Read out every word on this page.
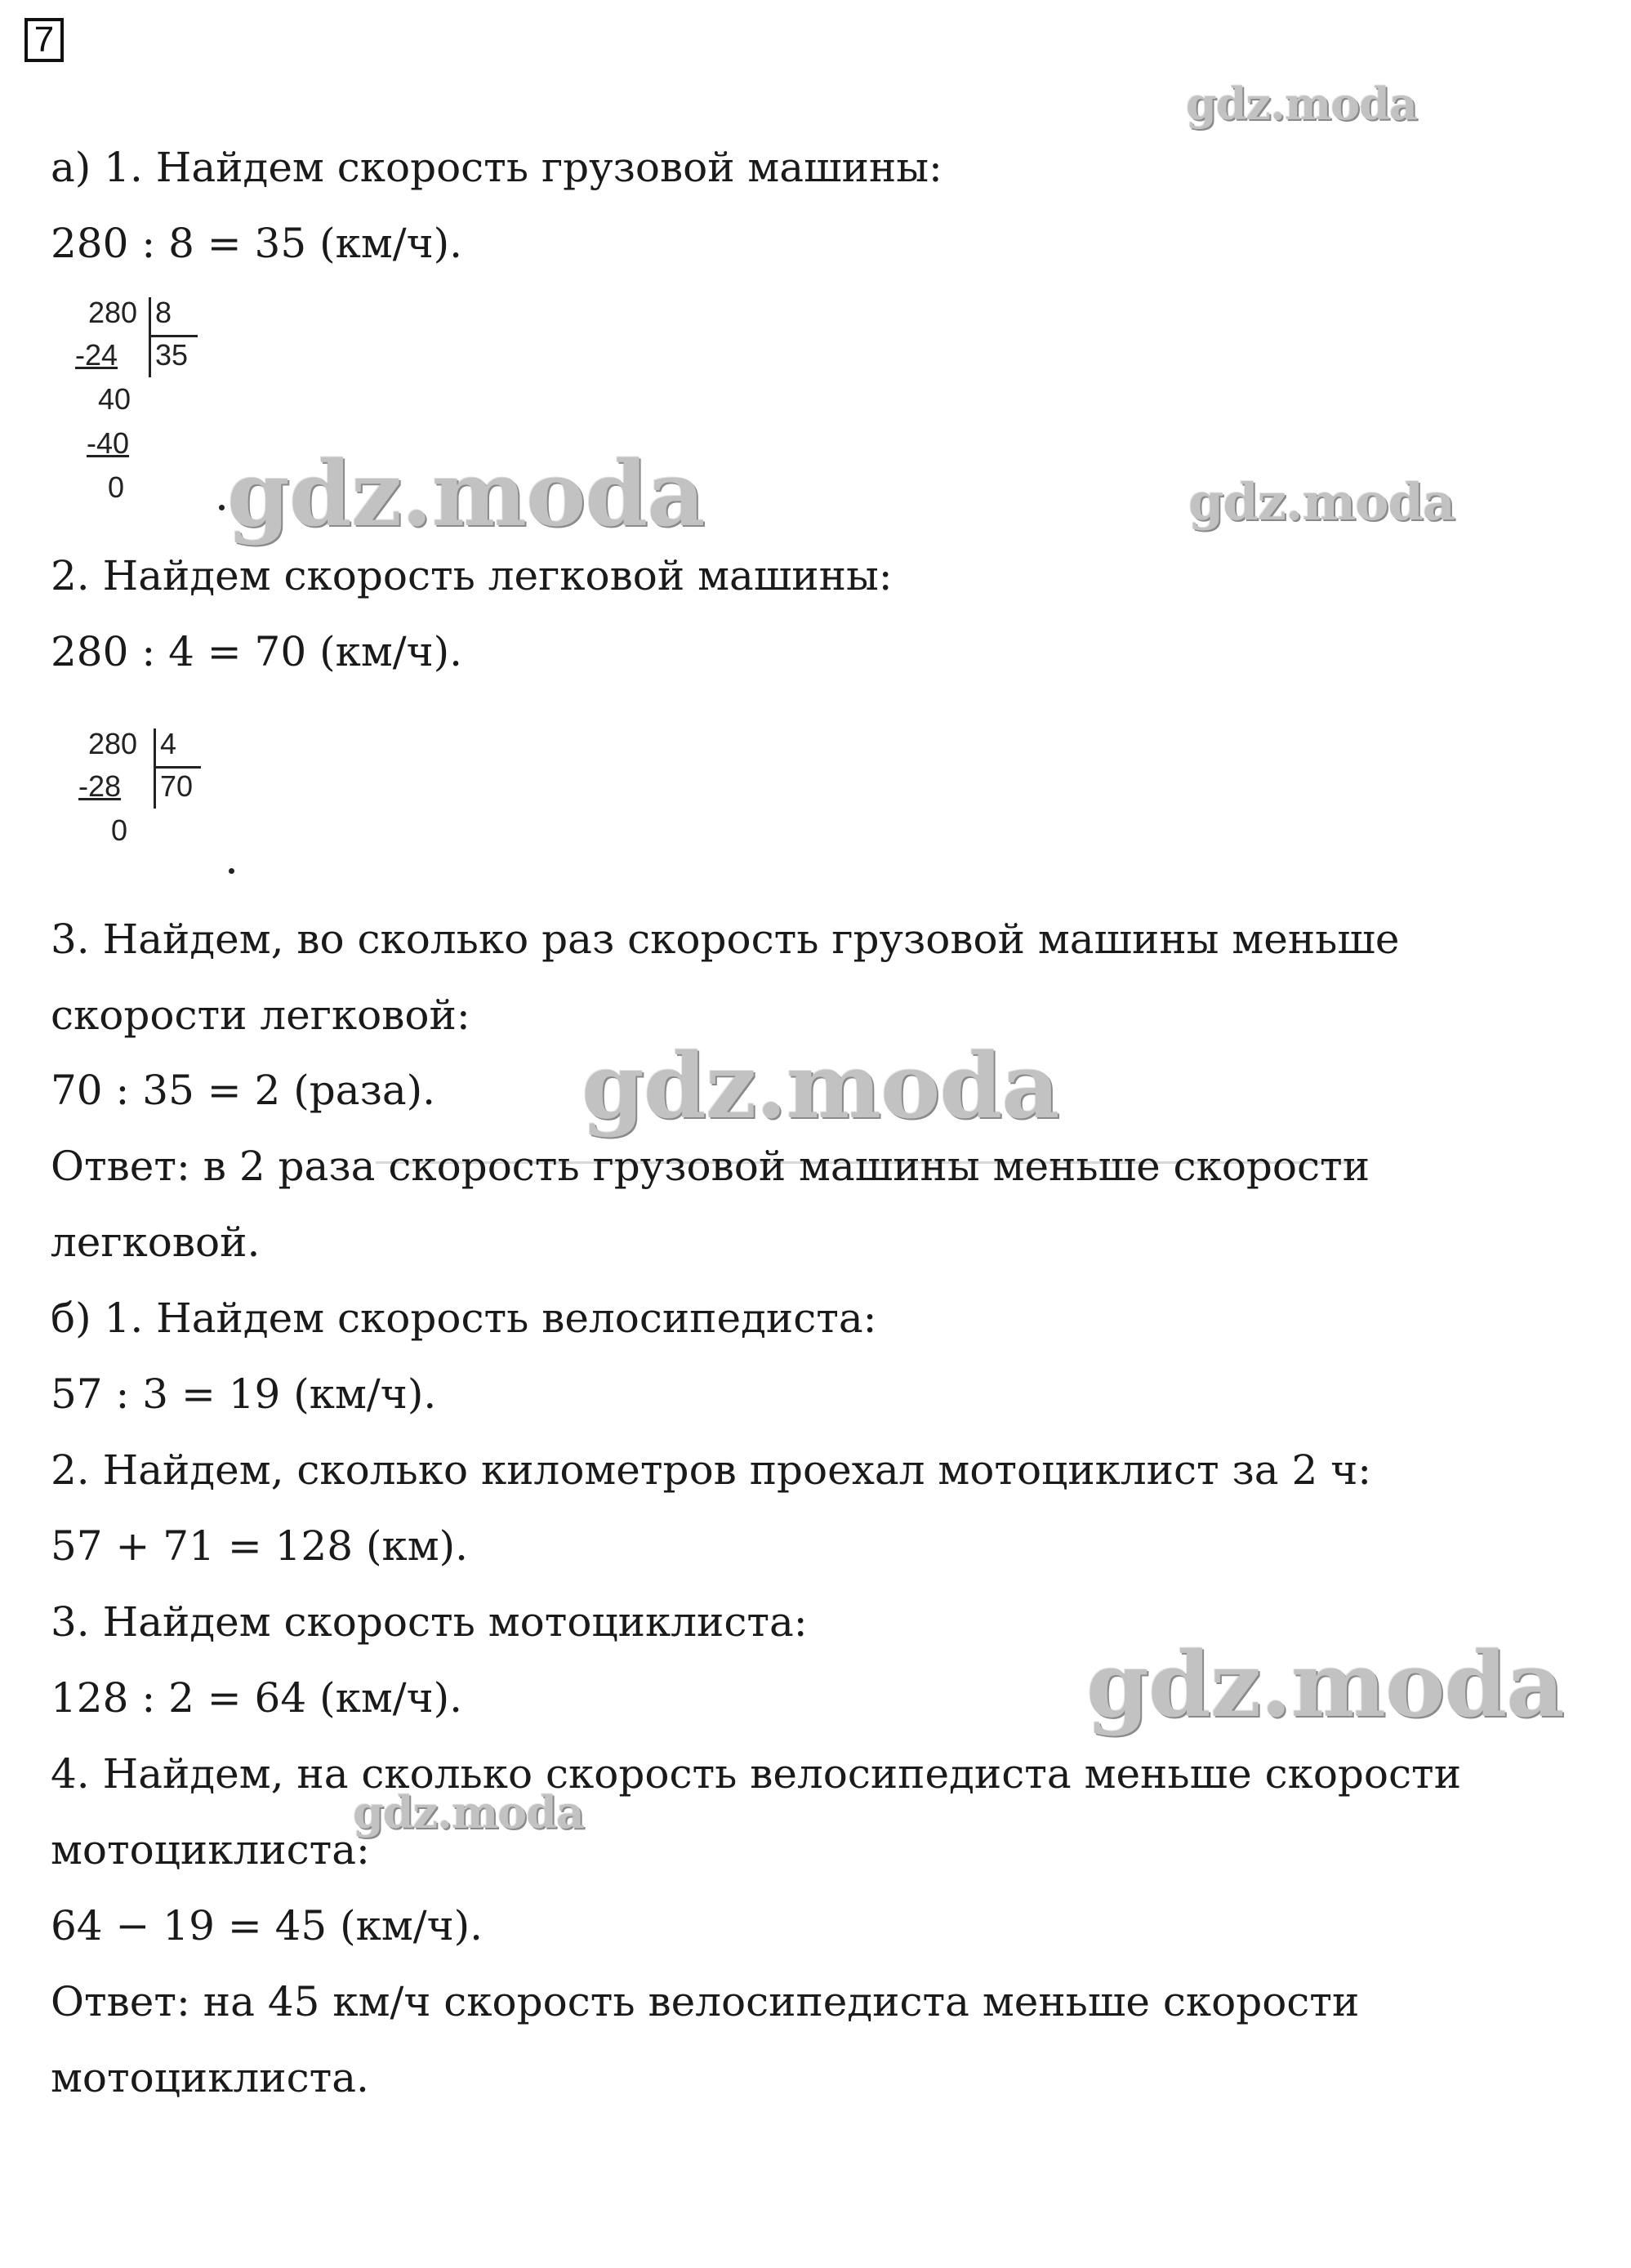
7
gdz.moda
gdz.moda	gdz.moda
gdz.moda
gdz.moda
gdz.moda
а) 1. Найдем скорость грузовой машины:
280 : 8 = 35 (км/ч).
2. Найдем скорость легковой машины:
280 : 4 = 70 (км/ч).
3. Найдем, во сколько раз скорость грузовой машины меньше
скорости легковой:
70 : 35 = 2 (раза).
Ответ: в 2 раза скорость грузовой машины меньше скорости
легковой.
б) 1. Найдем скорость велосипедиста:
57 : 3 = 19 (км/ч).
2. Найдем, сколько километров проехал мотоциклист за 2 ч:
57 + 71 = 128 (км).
3. Найдем скорость мотоциклиста:
128 : 2 = 64 (км/ч).
4. Найдем, на сколько скорость велосипедиста меньше скорости
мотоциклиста:
64 − 19 = 45 (км/ч).
Ответ: на 45 км/ч скорость велосипедиста меньше скорости
мотоциклиста.
280 8
35
-24
40
-40
0
280 4
70
-28
0
